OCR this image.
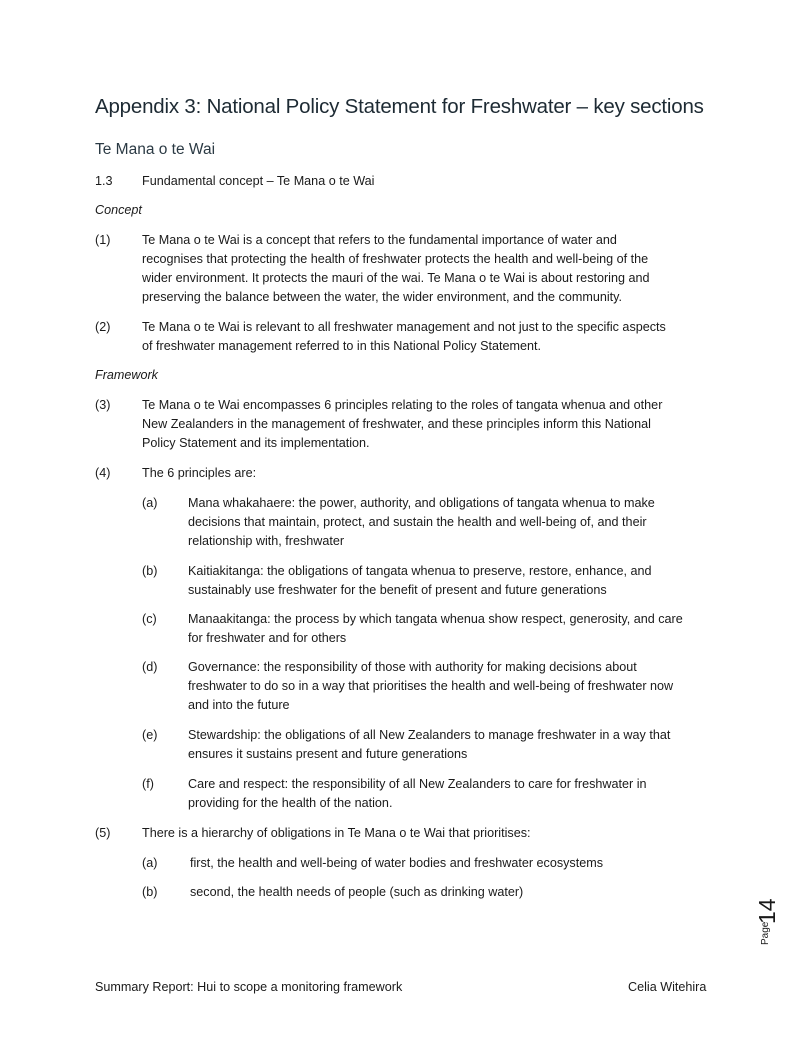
Appendix 3: National Policy Statement for Freshwater – key sections
Te Mana o te Wai
1.3 Fundamental concept – Te Mana o te Wai
Concept
(1)	Te Mana o te Wai is a concept that refers to the fundamental importance of water and
recognises that protecting the health of freshwater protects the health and well-being of the
wider environment. It protects the mauri of the wai. Te Mana o te Wai is about restoring and
preserving the balance between the water, the wider environment, and the community.
(2)	Te Mana o te Wai is relevant to all freshwater management and not just to the specific aspects
of freshwater management referred to in this National Policy Statement.
Framework
(3)	Te Mana o te Wai encompasses 6 principles relating to the roles of tangata whenua and other
New Zealanders in the management of freshwater, and these principles inform this National
Policy Statement and its implementation.
(4)	The 6 principles are:
(a) Mana whakahaere: the power, authority, and obligations of tangata whenua to make
decisions that maintain, protect, and sustain the health and well-being of, and their
relationship with, freshwater
(b) Kaitiakitanga: the obligations of tangata whenua to preserve, restore, enhance, and
sustainably use freshwater for the benefit of present and future generations
(c) Manaakitanga: the process by which tangata whenua show respect, generosity, and care
for freshwater and for others
(d) Governance: the responsibility of those with authority for making decisions about
freshwater to do so in a way that prioritises the health and well-being of freshwater now
and into the future
(e) Stewardship: the obligations of all New Zealanders to manage freshwater in a way that
ensures it sustains present and future generations
(f)	Care and respect: the responsibility of all New Zealanders to care for freshwater in
providing for the health of the nation.
(5)	There is a hierarchy of obligations in Te Mana o te Wai that prioritises:
(a)	first, the health and well-being of water bodies and freshwater ecosystems
(b)	second, the health needs of people (such as drinking water)
Page
14
Summary Report: Hui to scope a monitoring framework	Celia Witehira
